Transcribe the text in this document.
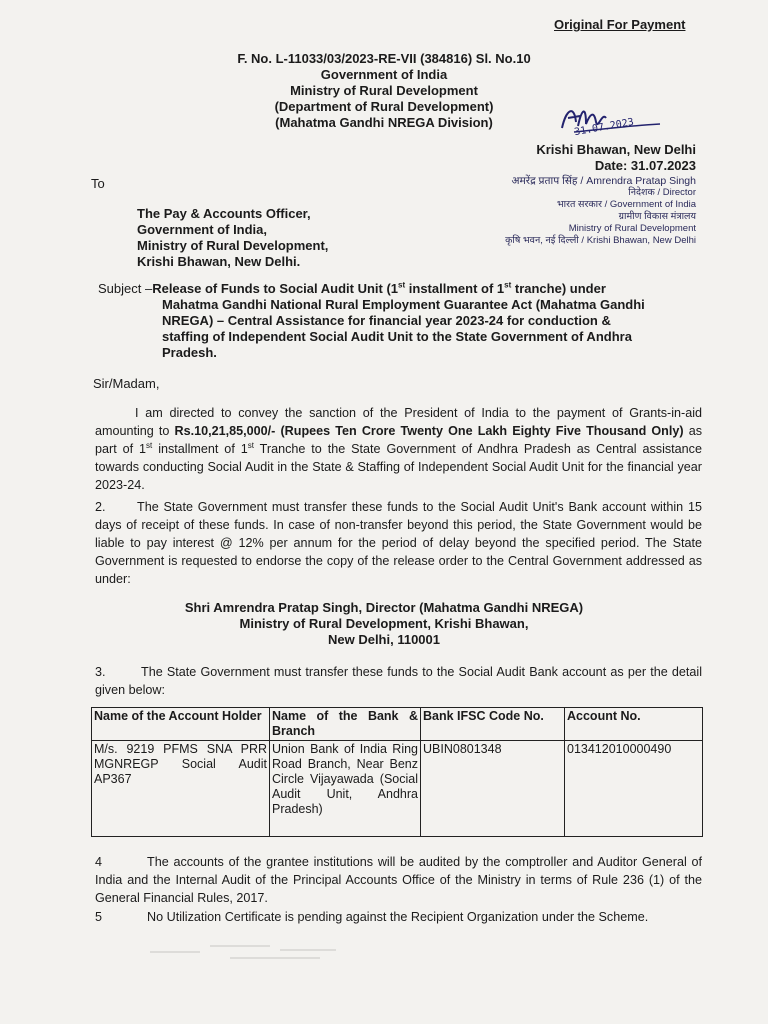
Original For Payment
F. No. L-11033/03/2023-RE-VII (384816) Sl. No.10
Government of India
Ministry of Rural Development
(Department of Rural Development)
(Mahatma Gandhi NREGA Division)	31.07.2023
Krishi Bhawan, New Delhi
Date: 31.07.2023
To	अमरेंद्र प्रताप सिंह / Amrendra Pratap Singh
निदेशक / Director
भारत सरकार / Government of India
ग्रामीण विकास मंत्रालय
Ministry of Rural Development
कृषि भवन, नई दिल्ली / Krishi Bhawan, New Delhi
The Pay & Accounts Officer,
Government of India,
Ministry of Rural Development,
Krishi Bhawan, New Delhi.
Subject –Release of Funds to Social Audit Unit (1st installment of 1st tranche) under
Mahatma Gandhi National Rural Employment Guarantee Act (Mahatma Gandhi
NREGA) – Central Assistance for financial year 2023-24 for conduction &
staffing of Independent Social Audit Unit to the State Government of Andhra
Pradesh.
Sir/Madam,
I am directed to convey the sanction of the President of India to the payment of Grants-in-aid amounting to Rs.10,21,85,000/- (Rupees Ten Crore Twenty One Lakh Eighty Five Thousand Only) as part of 1st installment of 1st Tranche to the State Government of Andhra Pradesh as Central assistance towards conducting Social Audit in the State & Staffing of Independent Social Audit Unit for the financial year 2023-24.
2. The State Government must transfer these funds to the Social Audit Unit's Bank account within 15 days of receipt of these funds. In case of non-transfer beyond this period, the State Government would be liable to pay interest @ 12% per annum for the period of delay beyond the specified period. The State Government is requested to endorse the copy of the release order to the Central Government addressed as under:
Shri Amrendra Pratap Singh, Director (Mahatma Gandhi NREGA)
Ministry of Rural Development, Krishi Bhawan,
New Delhi, 110001
3.	The State Government must transfer these funds to the Social Audit Bank account as per the detail given below:
Name of the Account Holder	Name of the Bank & Branch	Bank IFSC Code No.	Account No.
M/s. 9219 PFMS SNA PRR MGNREGP Social Audit AP367	Union Bank of India Ring Road Branch, Near Benz Circle Vijayawada (Social Audit Unit, Andhra Pradesh)	UBIN0801348	013412010000490
4	The accounts of the grantee institutions will be audited by the comptroller and Auditor General of India and the Internal Audit of the Principal Accounts Office of the Ministry in terms of Rule 236 (1) of the General Financial Rules, 2017.
5	No Utilization Certificate is pending against the Recipient Organization under the Scheme.
